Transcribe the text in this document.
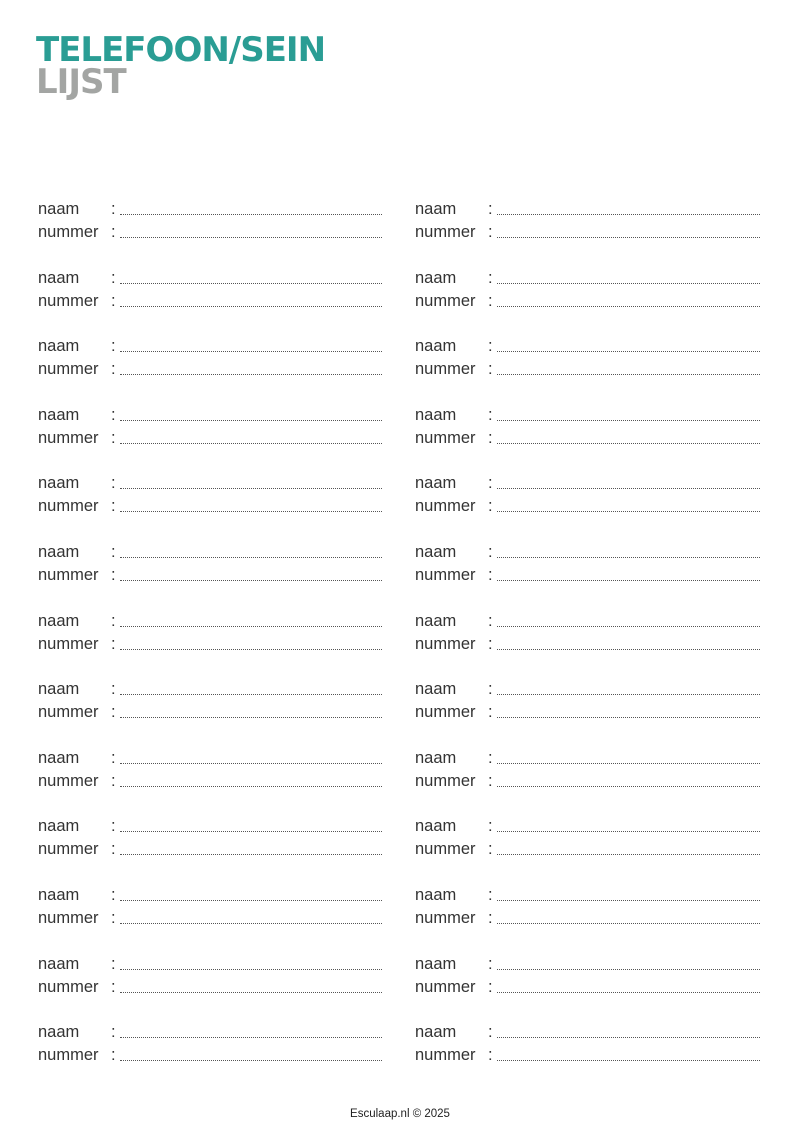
TELEFOON/SEIN
LIJST
naam :
nummer :
naam :
nummer :
naam :
nummer :
naam :
nummer :
naam :
nummer :
naam :
nummer :
naam :
nummer :
naam :
nummer :
naam :
nummer :
naam :
nummer :
naam :
nummer :
naam :
nummer :
naam :
nummer :
naam :
nummer :
naam :
nummer :
naam :
nummer :
naam :
nummer :
naam :
nummer :
naam :
nummer :
naam :
nummer :
naam :
nummer :
naam :
nummer :
naam :
nummer :
naam :
nummer :
naam :
nummer :
naam :
nummer :
Esculaap.nl © 2025
